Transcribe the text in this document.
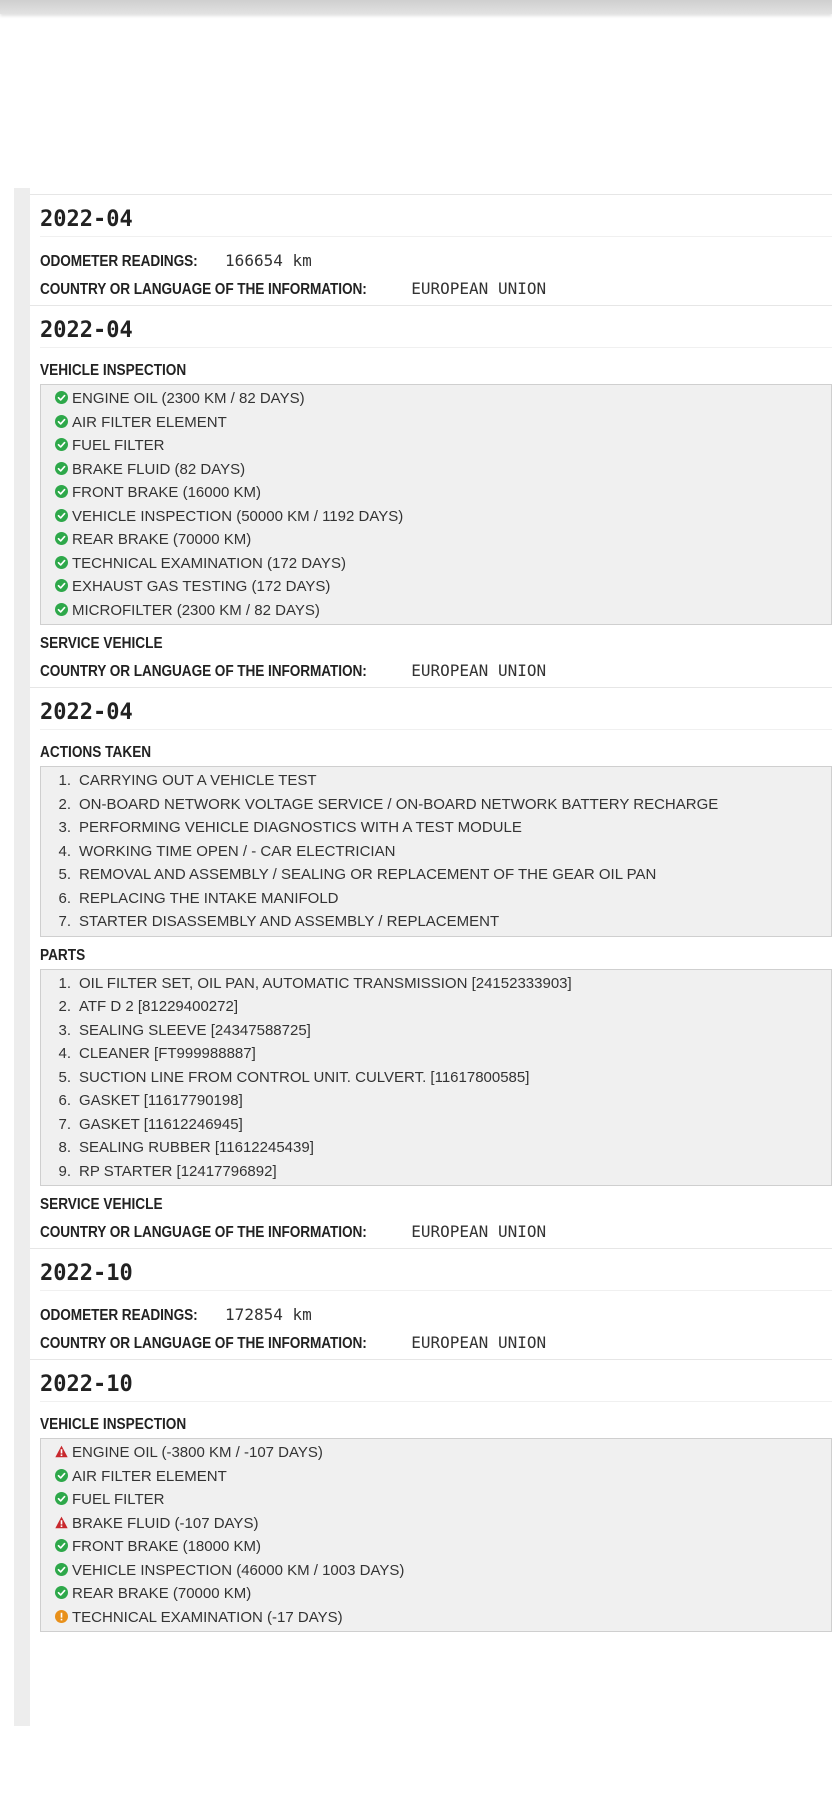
2022-04
ODOMETER READINGS: 166654 km
COUNTRY OR LANGUAGE OF THE INFORMATION:	EUROPEAN UNION
2022-04
VEHICLE INSPECTION
ENGINE OIL (2300 KM / 82 DAYS)
AIR FILTER ELEMENT
FUEL FILTER
BRAKE FLUID (82 DAYS)
FRONT BRAKE (16000 KM)
VEHICLE INSPECTION (50000 KM / 1192 DAYS)
REAR BRAKE (70000 KM)
TECHNICAL EXAMINATION (172 DAYS)
EXHAUST GAS TESTING (172 DAYS)
MICROFILTER (2300 KM / 82 DAYS)
SERVICE VEHICLE
COUNTRY OR LANGUAGE OF THE INFORMATION:	EUROPEAN UNION
2022-04
ACTIONS TAKEN
1. CARRYING OUT A VEHICLE TEST
2. ON-BOARD NETWORK VOLTAGE SERVICE / ON-BOARD NETWORK BATTERY RECHARGE
3. PERFORMING VEHICLE DIAGNOSTICS WITH A TEST MODULE
4. WORKING TIME OPEN / - CAR ELECTRICIAN
5. REMOVAL AND ASSEMBLY / SEALING OR REPLACEMENT OF THE GEAR OIL PAN
6. REPLACING THE INTAKE MANIFOLD
7. STARTER DISASSEMBLY AND ASSEMBLY / REPLACEMENT
PARTS
1. OIL FILTER SET, OIL PAN, AUTOMATIC TRANSMISSION [24152333903]
2. ATF D 2 [81229400272]
3. SEALING SLEEVE [24347588725]
4. CLEANER [FT999988887]
5. SUCTION LINE FROM CONTROL UNIT. CULVERT. [11617800585]
6. GASKET [11617790198]
7. GASKET [11612246945]
8. SEALING RUBBER [11612245439]
9. RP STARTER [12417796892]
SERVICE VEHICLE
COUNTRY OR LANGUAGE OF THE INFORMATION:	EUROPEAN UNION
2022-10
ODOMETER READINGS: 172854 km
COUNTRY OR LANGUAGE OF THE INFORMATION:	EUROPEAN UNION
2022-10
VEHICLE INSPECTION
ENGINE OIL (-3800 KM / -107 DAYS)
AIR FILTER ELEMENT
FUEL FILTER
BRAKE FLUID (-107 DAYS)
FRONT BRAKE (18000 KM)
VEHICLE INSPECTION (46000 KM / 1003 DAYS)
REAR BRAKE (70000 KM)
TECHNICAL EXAMINATION (-17 DAYS)
